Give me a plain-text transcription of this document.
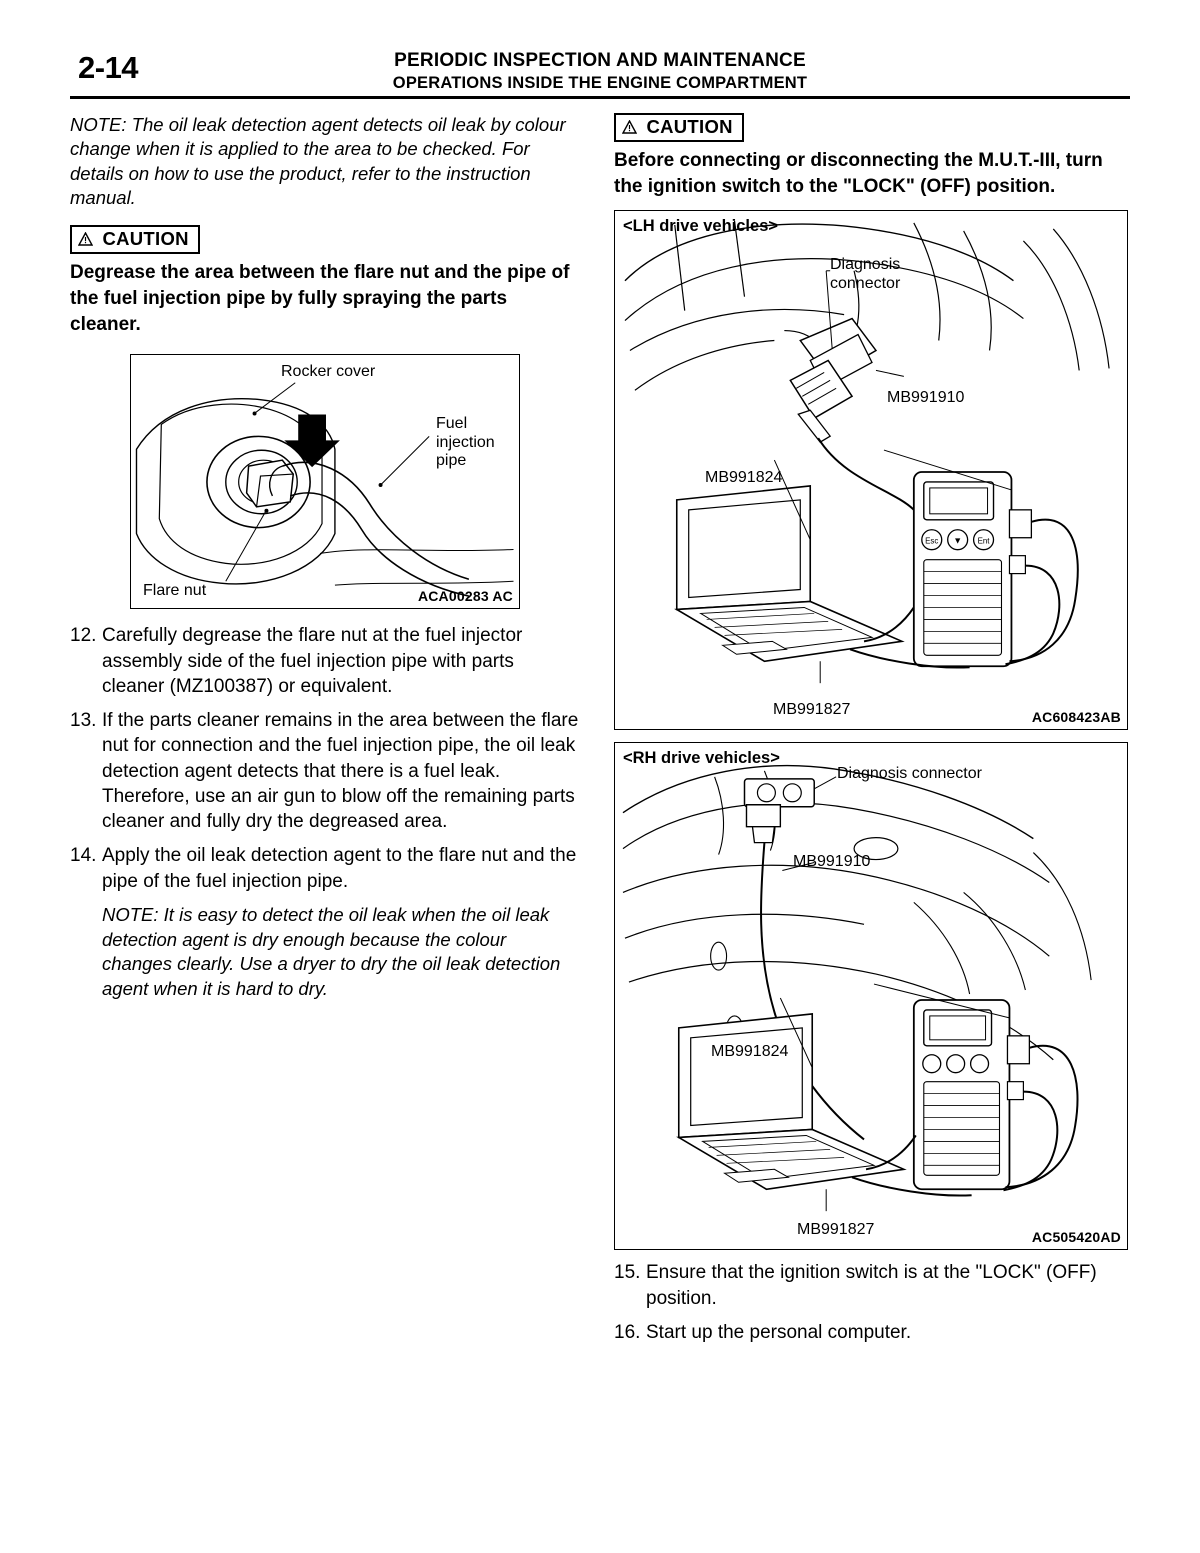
2-14	PERIODIC INSPECTION AND MAINTENANCE
OPERATIONS INSIDE THE ENGINE COMPARTMENT

NOTE: The oil leak detection agent detects oil leak by colour change when it is applied to the area to be checked. For details on how to use the product, refer to the instruction manual.

CAUTION

Degrease the area between the flare nut and the pipe of the fuel injection pipe by fully spraying the parts cleaner.

Rocker cover
Fuel
injection
pipe
Flare nut	ACA00283 AC
12. Carefully degrease the flare nut at the fuel injector assembly side of the fuel injection pipe with parts cleaner (MZ100387) or equivalent.
13. If the parts cleaner remains in the area between the flare nut for connection and the fuel injection pipe, the oil leak detection agent detects that there is a fuel leak. Therefore, use an air gun to blow off the remaining parts cleaner and fully dry the degreased area.
14. Apply the oil leak detection agent to the flare nut and the pipe of the fuel injection pipe.

NOTE: It is easy to detect the oil leak when the oil leak detection agent is dry enough because the colour changes clearly. Use a dryer to dry the oil leak detection agent when it is hard to dry.

CAUTION

Before connecting or disconnecting the M.U.T.-III, turn the ignition switch to the "LOCK" (OFF) position.

Esc ▼ Ent
<LH drive vehicles>
Diagnosis
connector
MB991910
MB991824
MB991827	AC608423AB
<RH drive vehicles>
Diagnosis connector
MB991910
MB991824
MB991827	AC505420AD
15. Ensure that the ignition switch is at the "LOCK" (OFF) position.
16. Start up the personal computer.
